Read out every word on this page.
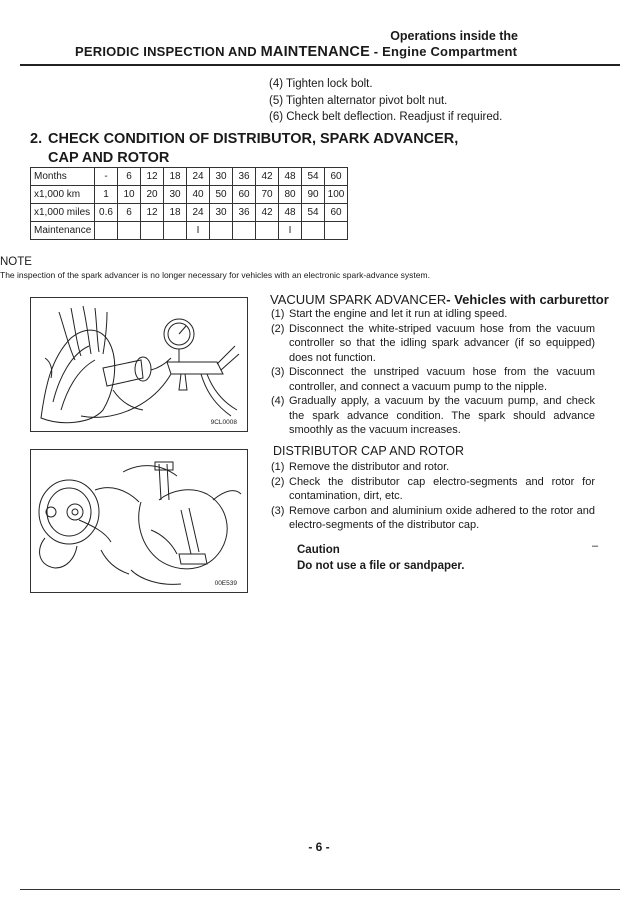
Operations inside the
PERIODIC INSPECTION AND MAINTENANCE - Engine Compartment
(4) Tighten lock bolt.
(5) Tighten alternator pivot bolt nut.
(6) Check belt deflection. Readjust if required.
2. CHECK CONDITION OF DISTRIBUTOR, SPARK ADVANCER,
CAP AND ROTOR
Months	-	6	12	18	24	30	36	42	48	54	60
x1,000 km	1	10	20	30	40	50	60	70	80	90	100
x1,000 miles	0.6	6	12	18	24	30	36	42	48	54	60
Maintenance					I				I		
NOTE
The inspection of the spark advancer is no longer necessary for vehicles with an electronic spark-advance system.
9CL0008
00E539
VACUUM SPARK ADVANCER- Vehicles with carburettor
(1) Start the engine and let it run at idling speed.
(2) Disconnect the white-striped vacuum hose from the vacuum controller so that the idling spark advancer (if so equipped) does not function.
(3) Disconnect the unstriped vacuum hose from the vacuum controller, and connect a vacuum pump to the nipple.
(4) Gradually apply, a vacuum by the vacuum pump, and check the spark advance condition. The spark should advance smoothly as the vacuum increases.
DISTRIBUTOR CAP AND ROTOR
(1) Remove the distributor and rotor.
(2) Check the distributor cap electro-segments and rotor for contamination, dirt, etc.
(3) Remove carbon and aluminium oxide adhered to the rotor and electro-segments of the distributor cap.
Caution
Do not use a file or sandpaper.
–
- 6 -
